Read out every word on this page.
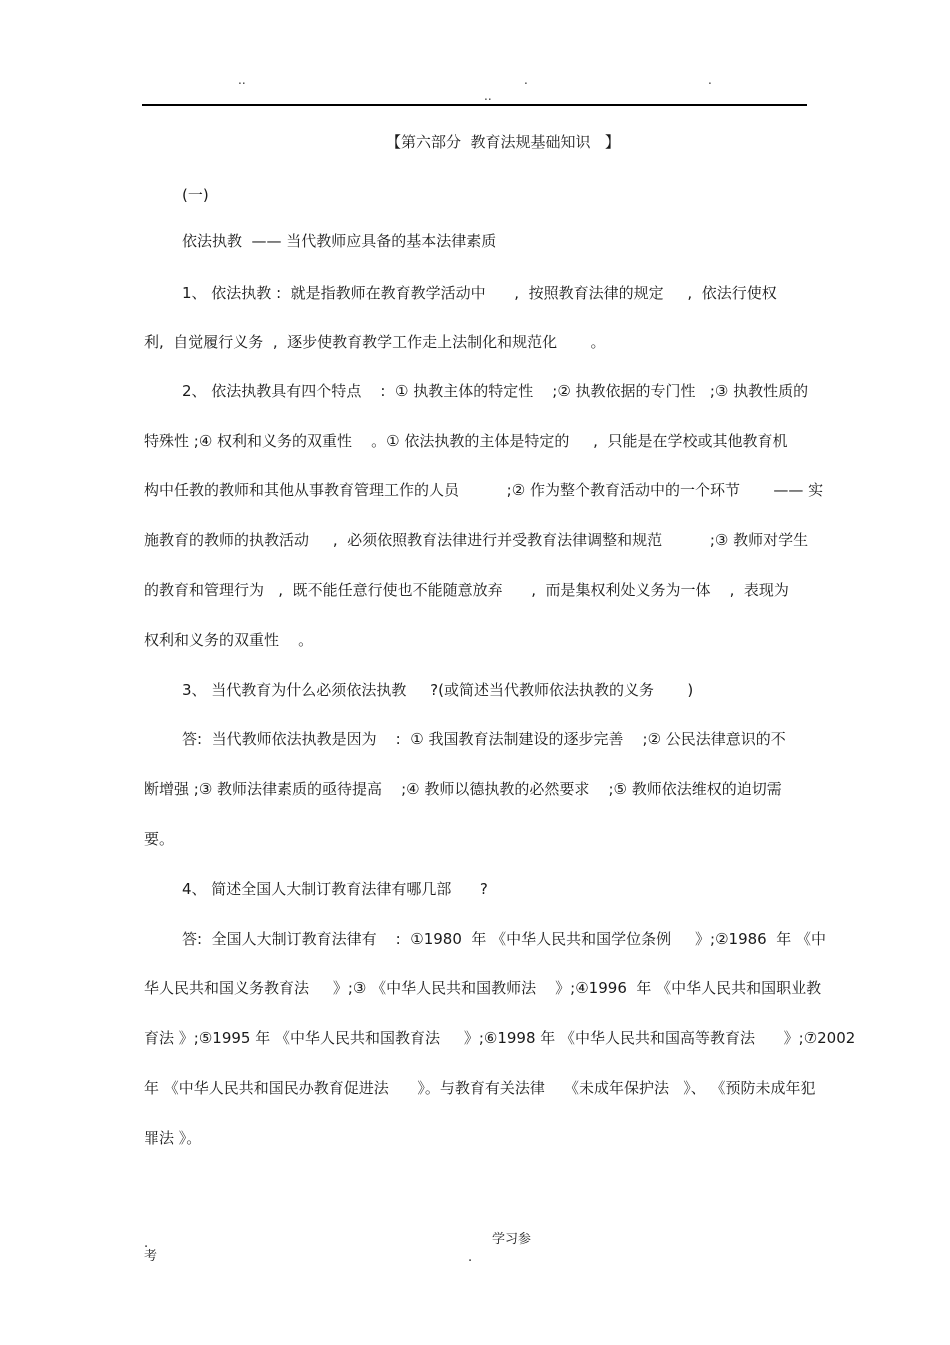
..	.	.
..
【第六部分  教育法规基础知识   】
(一)
依法执教  —— 当代教师应具备的基本法律素质
1、 依法执教 :  就是指教师在教育教学活动中      ,  按照教育法律的规定     ,  依法行使权
利,  自觉履行义务  ,  逐步使教育教学工作走上法制化和规范化       。
2、 依法执教具有四个特点    :  ① 执教主体的特定性    ;② 执教依据的专门性   ;③ 执教性质的
特殊性 ;④ 权利和义务的双重性    。① 依法执教的主体是特定的     ,  只能是在学校或其他教育机
构中任教的教师和其他从事教育管理工作的人员          ;② 作为整个教育活动中的一个环节       —— 实
施教育的教师的执教活动     ,  必须依照教育法律进行并受教育法律调整和规范          ;③ 教师对学生
的教育和管理行为   ,  既不能任意行使也不能随意放弃      ,  而是集权利处义务为一体    ,  表现为
权利和义务的双重性    。
3、 当代教育为什么必须依法执教     ?(或简述当代教师依法执教的义务       )
答:  当代教师依法执教是因为    :  ① 我国教育法制建设的逐步完善    ;② 公民法律意识的不
断增强 ;③ 教师法律素质的亟待提高    ;④ 教师以德执教的必然要求    ;⑤ 教师依法维权的迫切需
要。
4、 简述全国人大制订教育法律有哪几部      ?
答:  全国人大制订教育法律有    :  ①1980  年 《中华人民共和国学位条例     》;②1986  年 《中
华人民共和国义务教育法     》;③ 《中华人民共和国教师法    》;④1996  年 《中华人民共和国职业教
育法 》;⑤1995 年 《中华人民共和国教育法     》;⑥1998 年 《中华人民共和国高等教育法      》;⑦2002
年 《中华人民共和国民办教育促进法      》。与教育有关法律    《未成年保护法   》、 《预防未成年犯
罪法 》。
学习参
.
考	.
